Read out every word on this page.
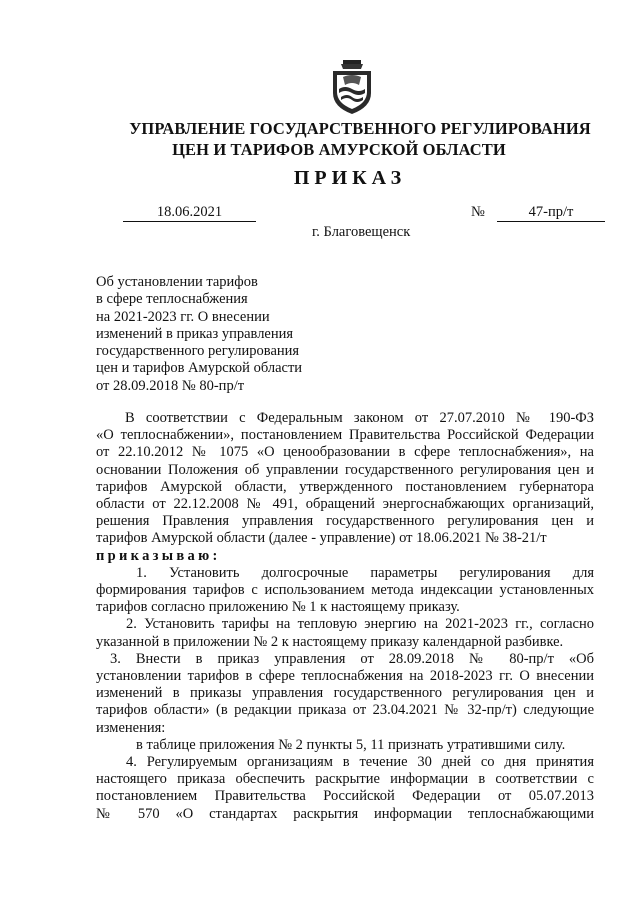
УПРАВЛЕНИЕ ГОСУДАРСТВЕННОГО РЕГУЛИРОВАНИЯ
ЦЕН И ТАРИФОВ АМУРСКОЙ ОБЛАСТИ
ПРИКАЗ
18.06.2021	№	47-пр/т
г. Благовещенск
Об установлении тарифов
в сфере теплоснабжения
на 2021-2023 гг. О внесении
изменений в приказ управления
государственного регулирования
цен и тарифов Амурской области
от 28.09.2018 № 80-пр/т
В соответствии с Федеральным законом от 27.07.2010 № 190-ФЗ
«О теплоснабжении», постановлением Правительства Российской Федерации
от 22.10.2012 № 1075 «О ценообразовании в сфере теплоснабжения», на
основании Положения об управлении государственного регулирования цен и
тарифов Амурской области, утвержденного постановлением губернатора
области от 22.12.2008 № 491, обращений энергоснабжающих организаций,
решения Правления управления государственного регулирования цен и
тарифов Амурской области (далее - управление) от 18.06.2021 № 38-21/т
приказываю:
1. Установить долгосрочные параметры регулирования для
формирования тарифов с использованием метода индексации установленных
тарифов согласно приложению № 1 к настоящему приказу.
2. Установить тарифы на тепловую энергию на 2021-2023 гг., согласно
указанной в приложении № 2 к настоящему приказу календарной разбивке.
3. Внести в приказ управления от 28.09.2018 № 80-пр/т «Об
установлении тарифов в сфере теплоснабжения на 2018-2023 гг. О внесении
изменений в приказы управления государственного регулирования цен и
тарифов области» (в редакции приказа от 23.04.2021 № 32-пр/т) следующие
изменения:
в таблице приложения № 2 пункты 5, 11 признать утратившими силу.
4. Регулируемым организациям в течение 30 дней со дня принятия
настоящего приказа обеспечить раскрытие информации в соответствии с
постановлением Правительства Российской Федерации от 05.07.2013
№ 570 «О стандартах раскрытия информации теплоснабжающими
